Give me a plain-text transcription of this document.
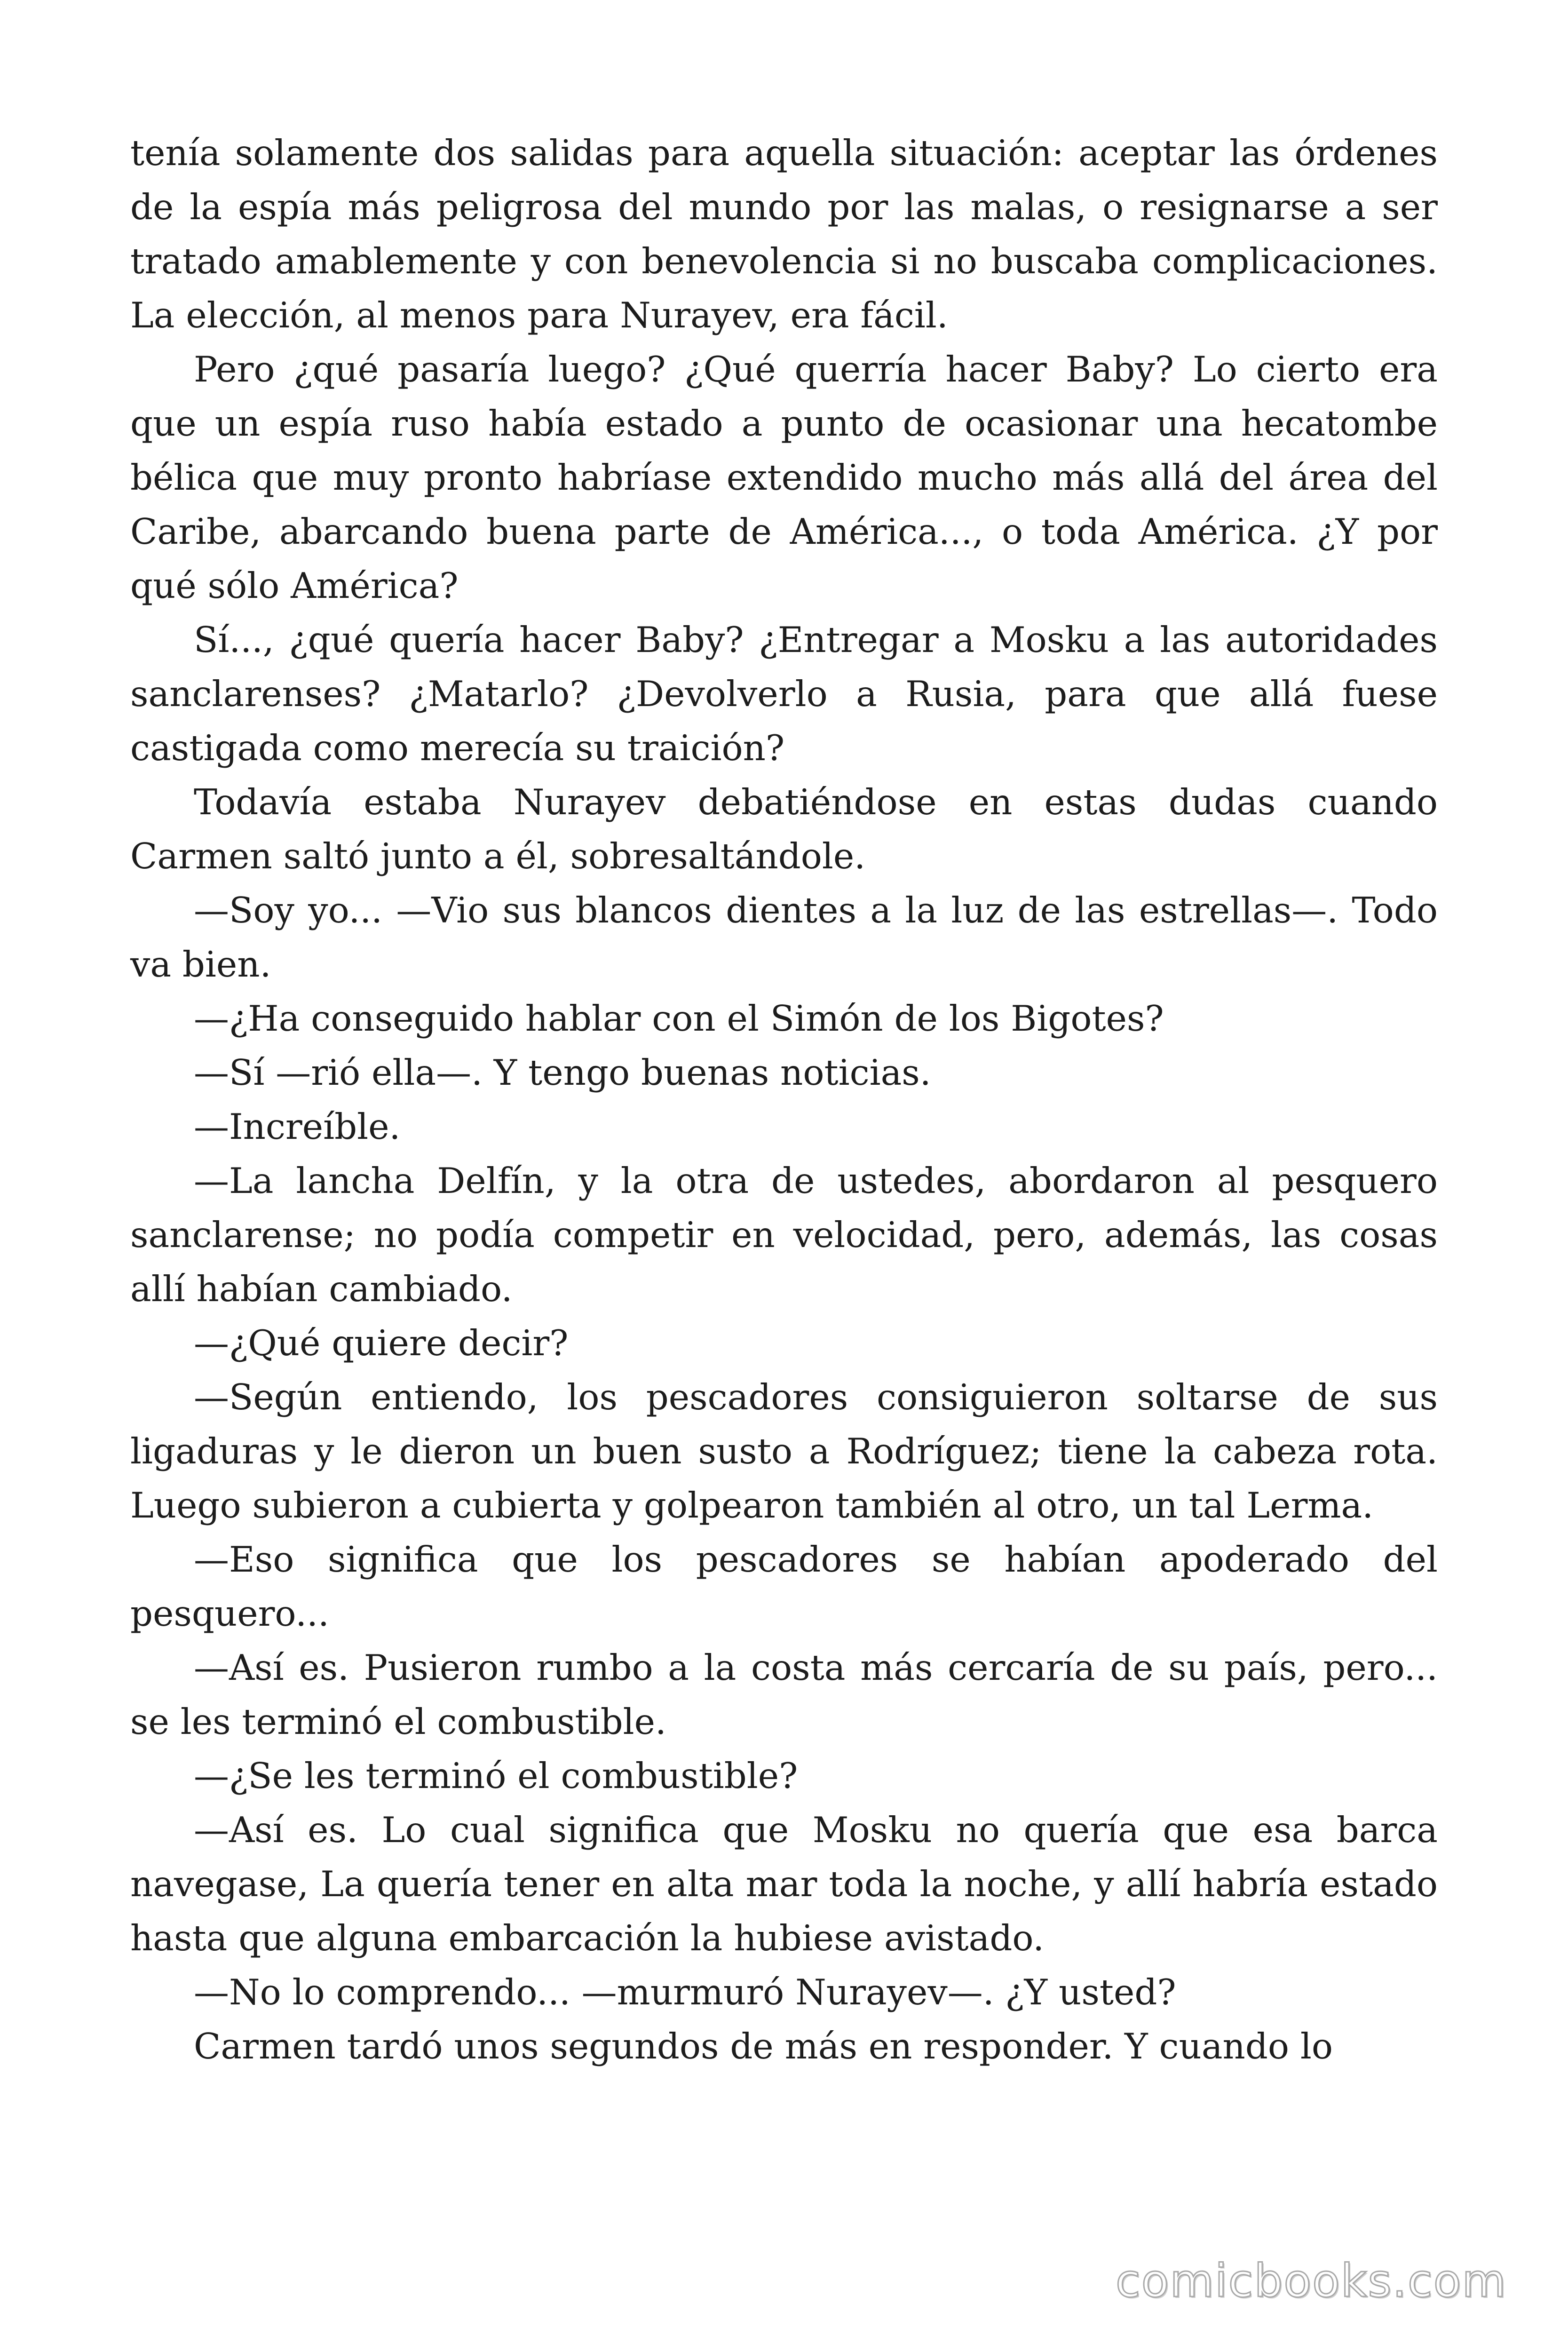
tenía solamente dos salidas para aquella situación: aceptar las órdenes de la espía más peligrosa del mundo por las malas, o resignarse a ser tratado amablemente y con benevolencia si no buscaba complicaciones. La elección, al menos para Nurayev, era fácil.

Pero ¿qué pasaría luego? ¿Qué querría hacer Baby? Lo cierto era que un espía ruso había estado a punto de ocasionar una hecatombe bélica que muy pronto habríase extendido mucho más allá del área del Caribe, abarcando buena parte de América..., o toda América. ¿Y por qué sólo América?

Sí..., ¿qué quería hacer Baby? ¿Entregar a Mosku a las autoridades sanclarenses? ¿Matarlo? ¿Devolverlo a Rusia, para que allá fuese castigada como merecía su traición?

Todavía estaba Nurayev debatiéndose en estas dudas cuando Carmen saltó junto a él, sobresaltándole.

—Soy yo... —Vio sus blancos dientes a la luz de las estrellas—. Todo va bien.

—¿Ha conseguido hablar con el Simón de los Bigotes?

—Sí —rió ella—. Y tengo buenas noticias.

—Increíble.

—La lancha Delfín, y la otra de ustedes, abordaron al pesquero sanclarense; no podía competir en velocidad, pero, además, las cosas allí habían cambiado.

—¿Qué quiere decir?

—Según entiendo, los pescadores consiguieron soltarse de sus ligaduras y le dieron un buen susto a Rodríguez; tiene la cabeza rota. Luego subieron a cubierta y golpearon también al otro, un tal Lerma.

—Eso significa que los pescadores se habían apoderado del pesquero...

—Así es. Pusieron rumbo a la costa más cercaría de su país, pero... se les terminó el combustible.

—¿Se les terminó el combustible?

—Así es. Lo cual significa que Mosku no quería que esa barca navegase, La quería tener en alta mar toda la noche, y allí habría estado hasta que alguna embarcación la hubiese avistado.

—No lo comprendo... —murmuró Nurayev—. ¿Y usted?

Carmen tardó unos segundos de más en responder. Y cuando lo

comicbooks.com
